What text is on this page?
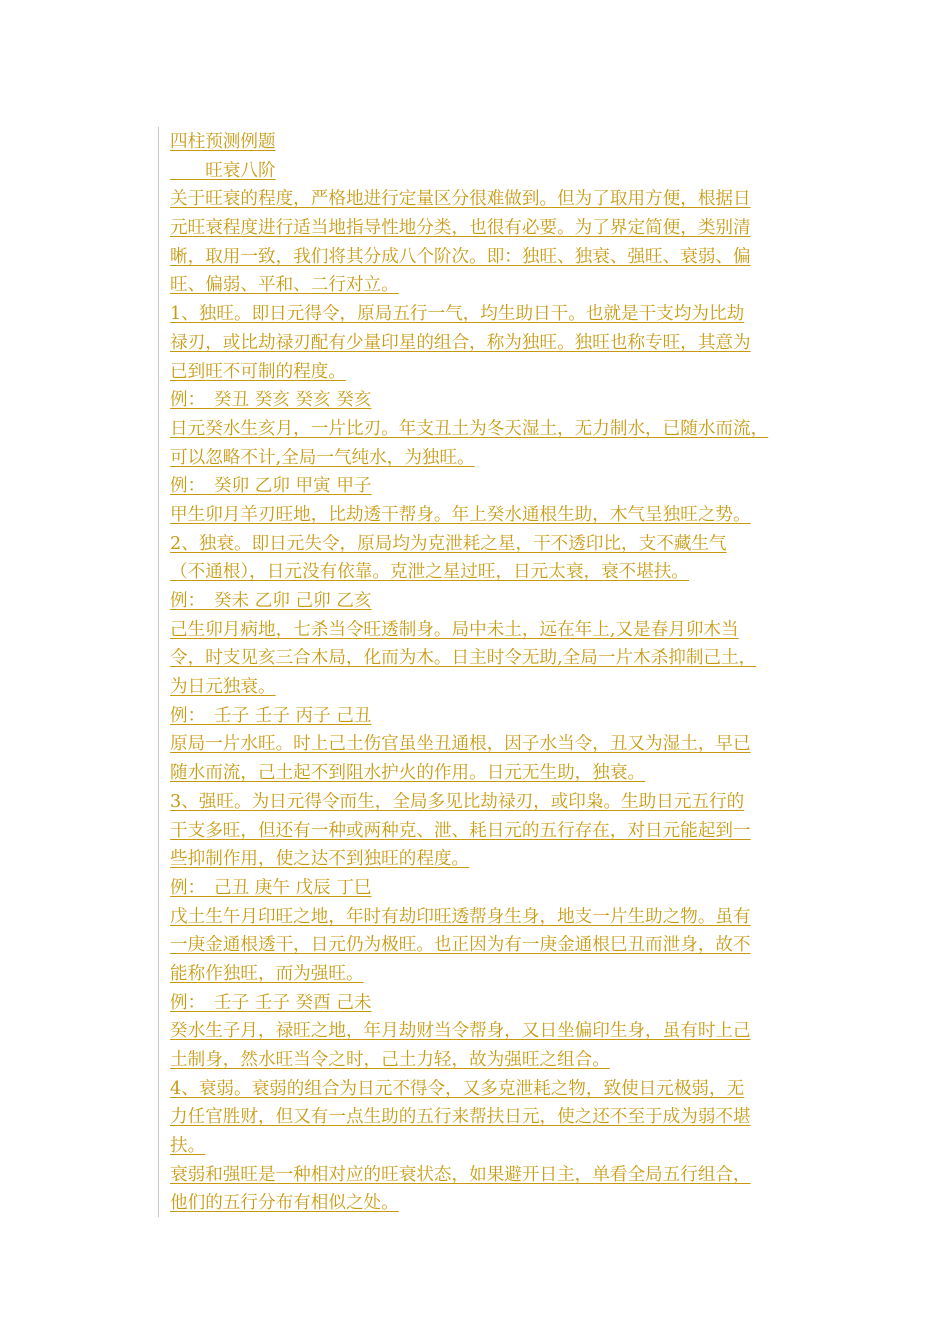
四柱预测例题
　　旺衰八阶
关于旺衰的程度，严格地进行定量区分很难做到。但为了取用方便，根据日
元旺衰程度进行适当地指导性地分类，也很有必要。为了界定简便，类别清
晰，取用一致，我们将其分成八个阶次。即：独旺、独衰、强旺、衰弱、偏
旺、偏弱、平和、二行对立。
1、独旺。即日元得令，原局五行一气，均生助日干。也就是干支均为比劫
禄刃，或比劫禄刃配有少量印星的组合，称为独旺。独旺也称专旺，其意为
已到旺不可制的程度。
例：　癸丑 癸亥 癸亥 癸亥
日元癸水生亥月，一片比刃。年支丑土为冬天湿土，无力制水，已随水而流，
可以忽略不计,全局一气纯水，为独旺。
例：　癸卯 乙卯 甲寅 甲子
甲生卯月羊刃旺地，比劫透干帮身。年上癸水通根生助，木气呈独旺之势。
2、独衰。即日元失令，原局均为克泄耗之星，干不透印比，支不藏生气
（不通根），日元没有依靠。克泄之星过旺，日元太衰，衰不堪扶。
例：　癸未 乙卯 己卯 乙亥
己生卯月病地，七杀当令旺透制身。局中未土，远在年上,又是春月卯木当
令，时支见亥三合木局，化而为木。日主时令无助,全局一片木杀抑制己土，
为日元独衰。
例：　壬子 壬子 丙子 己丑
原局一片水旺。时上己土伤官虽坐丑通根，因子水当令，丑又为湿土，早已
随水而流，己土起不到阻水护火的作用。日元无生助，独衰。
3、强旺。为日元得令而生，全局多见比劫禄刃，或印枭。生助日元五行的
干支多旺，但还有一种或两种克、泄、耗日元的五行存在，对日元能起到一
些抑制作用，使之达不到独旺的程度。
例：　己丑 庚午 戊辰 丁巳
戊土生午月印旺之地，年时有劫印旺透帮身生身，地支一片生助之物。虽有
一庚金通根透干，日元仍为极旺。也正因为有一庚金通根巳丑而泄身，故不
能称作独旺，而为强旺。
例：　壬子 壬子 癸酉 己未
癸水生子月，禄旺之地，年月劫财当令帮身，又日坐偏印生身，虽有时上己
土制身，然水旺当令之时，己土力轻，故为强旺之组合。
4、衰弱。衰弱的组合为日元不得令，又多克泄耗之物，致使日元极弱，无
力任官胜财，但又有一点生助的五行来帮扶日元，使之还不至于成为弱不堪
扶。
衰弱和强旺是一种相对应的旺衰状态，如果避开日主，单看全局五行组合，
他们的五行分布有相似之处。
